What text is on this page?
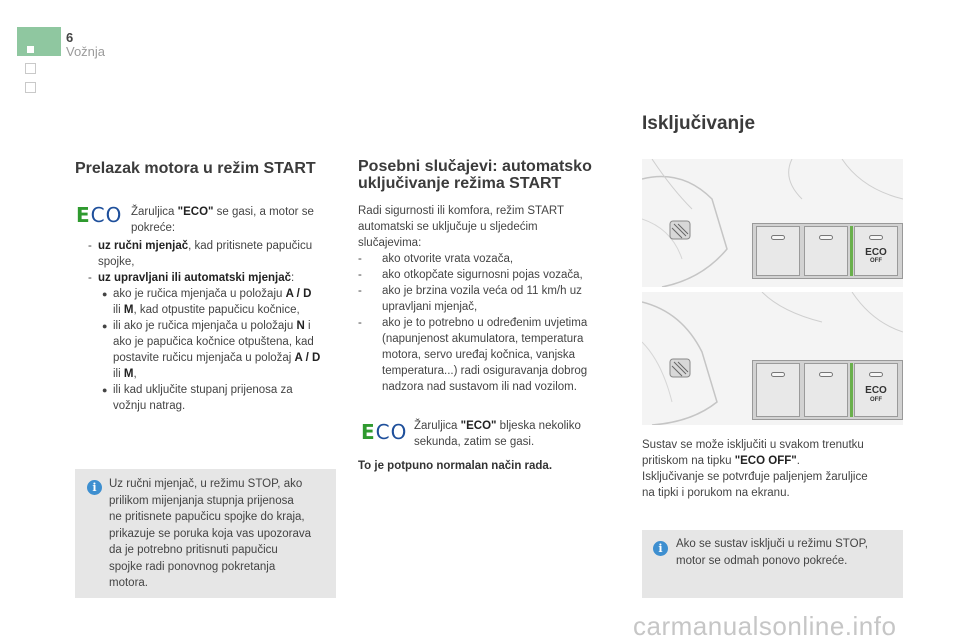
6
Vožnja
Prelazak motora u režim START
ECO Žaruljica "ECO" se gasi, a motor se
pokreće:
- uz ručni mjenjač, kad pritisnete papučicu
spojke,
- uz upravljani ili automatski mjenjač:
● ako je ručica mjenjača u položaju A / D
ili M, kad otpustite papučicu kočnice,
● ili ako je ručica mjenjača u položaju N i
ako je papučica kočnice otpuštena, kad
postavite ručicu mjenjača u položaj A / D
ili M,
● ili kad uključite stupanj prijenosa za
vožnju natrag.
i	Uz ručni mjenjač, u režimu STOP, ako
prilikom mijenjanja stupnja prijenosa
ne pritisnete papučicu spojke do kraja,
prikazuje se poruka koja vas upozorava
da je potrebno pritisnuti papučicu
spojke radi ponovnog pokretanja
motora.
Posebni slučajevi: automatsko
uključivanje režima START
Radi sigurnosti ili komfora, režim START
automatski se uključuje u sljedećim
slučajevima:
- ako otvorite vrata vozača,
- ako otkopčate sigurnosni pojas vozača,
- ako je brzina vozila veća od 11 km/h uz
upravljani mjenjač,
- ako je to potrebno u određenim uvjetima
(napunjenost akumulatora, temperatura
motora, servo uređaj kočnica, vanjska
temperatura...) radi osiguravanja dobrog
nadzora nad sustavom ili nad vozilom.
ECO Žaruljica "ECO" bljeska nekoliko
sekunda, zatim se gasi.
To je potpuno normalan način rada.
Isključivanje
ECO
OFF
ECO
OFF
Sustav se može isključiti u svakom trenutku
pritiskom na tipku "ECO OFF".
Isključivanje se potvrđuje paljenjem žaruljice
na tipki i porukom na ekranu.
i	Ako se sustav isključi u režimu STOP,
motor se odmah ponovo pokreće.
carmanualsonline.info
